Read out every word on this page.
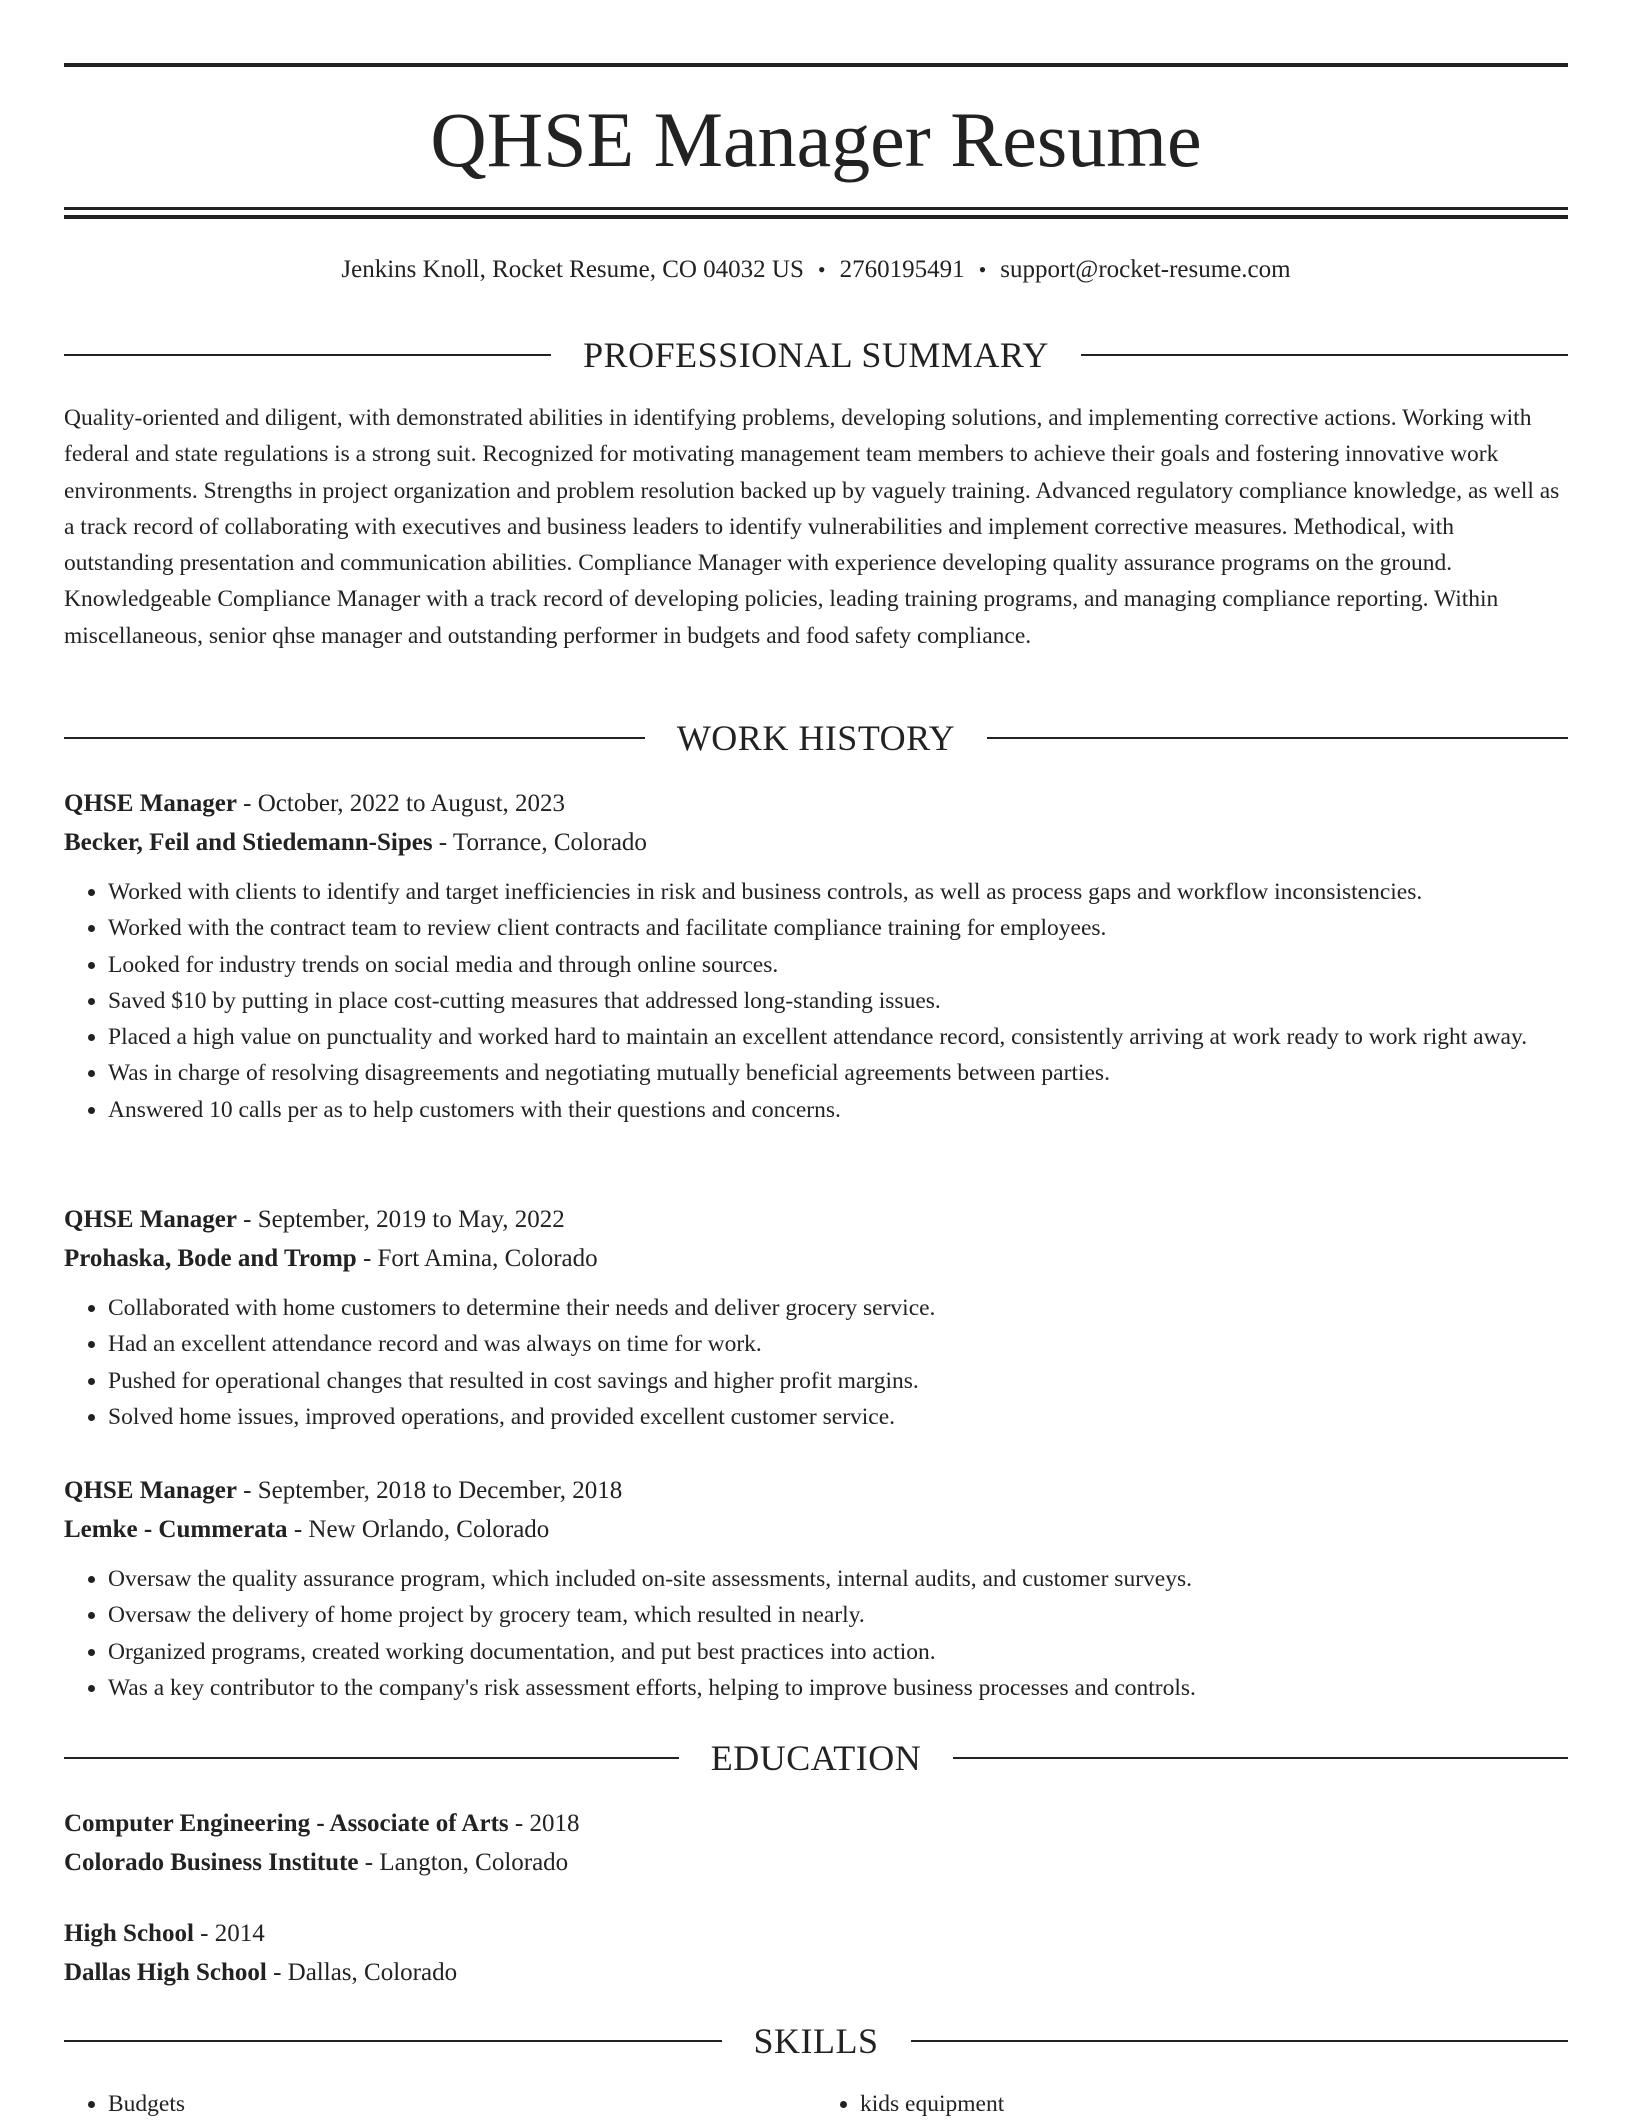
QHSE Manager Resume
Jenkins Knoll, Rocket Resume, CO 04032 US • 2760195491 • support@rocket-resume.com
PROFESSIONAL SUMMARY

Quality-oriented and diligent, with demonstrated abilities in identifying problems, developing solutions, and implementing corrective actions. Working with federal and state regulations is a strong suit. Recognized for motivating management team members to achieve their goals and fostering innovative work environments. Strengths in project organization and problem resolution backed up by vaguely training. Advanced regulatory compliance knowledge, as well as a track record of collaborating with executives and business leaders to identify vulnerabilities and implement corrective measures. Methodical, with outstanding presentation and communication abilities. Compliance Manager with experience developing quality assurance programs on the ground. Knowledgeable Compliance Manager with a track record of developing policies, leading training programs, and managing compliance reporting. Within miscellaneous, senior qhse manager and outstanding performer in budgets and food safety compliance.

WORK HISTORY
QHSE Manager - October, 2022 to August, 2023
Becker, Feil and Stiedemann-Sipes - Torrance, Colorado
• Worked with clients to identify and target inefficiencies in risk and business controls, as well as process gaps and workflow inconsistencies.
• Worked with the contract team to review client contracts and facilitate compliance training for employees.
• Looked for industry trends on social media and through online sources.
• Saved $10 by putting in place cost-cutting measures that addressed long-standing issues.
• Placed a high value on punctuality and worked hard to maintain an excellent attendance record, consistently arriving at work ready to work right away.
• Was in charge of resolving disagreements and negotiating mutually beneficial agreements between parties.
• Answered 10 calls per as to help customers with their questions and concerns.
QHSE Manager - September, 2019 to May, 2022
Prohaska, Bode and Tromp - Fort Amina, Colorado
• Collaborated with home customers to determine their needs and deliver grocery service.
• Had an excellent attendance record and was always on time for work.
• Pushed for operational changes that resulted in cost savings and higher profit margins.
• Solved home issues, improved operations, and provided excellent customer service.
QHSE Manager - September, 2018 to December, 2018
Lemke - Cummerata - New Orlando, Colorado
• Oversaw the quality assurance program, which included on-site assessments, internal audits, and customer surveys.
• Oversaw the delivery of home project by grocery team, which resulted in nearly.
• Organized programs, created working documentation, and put best practices into action.
• Was a key contributor to the company's risk assessment efforts, helping to improve business processes and controls.
EDUCATION
Computer Engineering - Associate of Arts - 2018
Colorado Business Institute - Langton, Colorado
High School - 2014
Dallas High School - Dallas, Colorado
SKILLS
• Budgets
•	kids equipment
